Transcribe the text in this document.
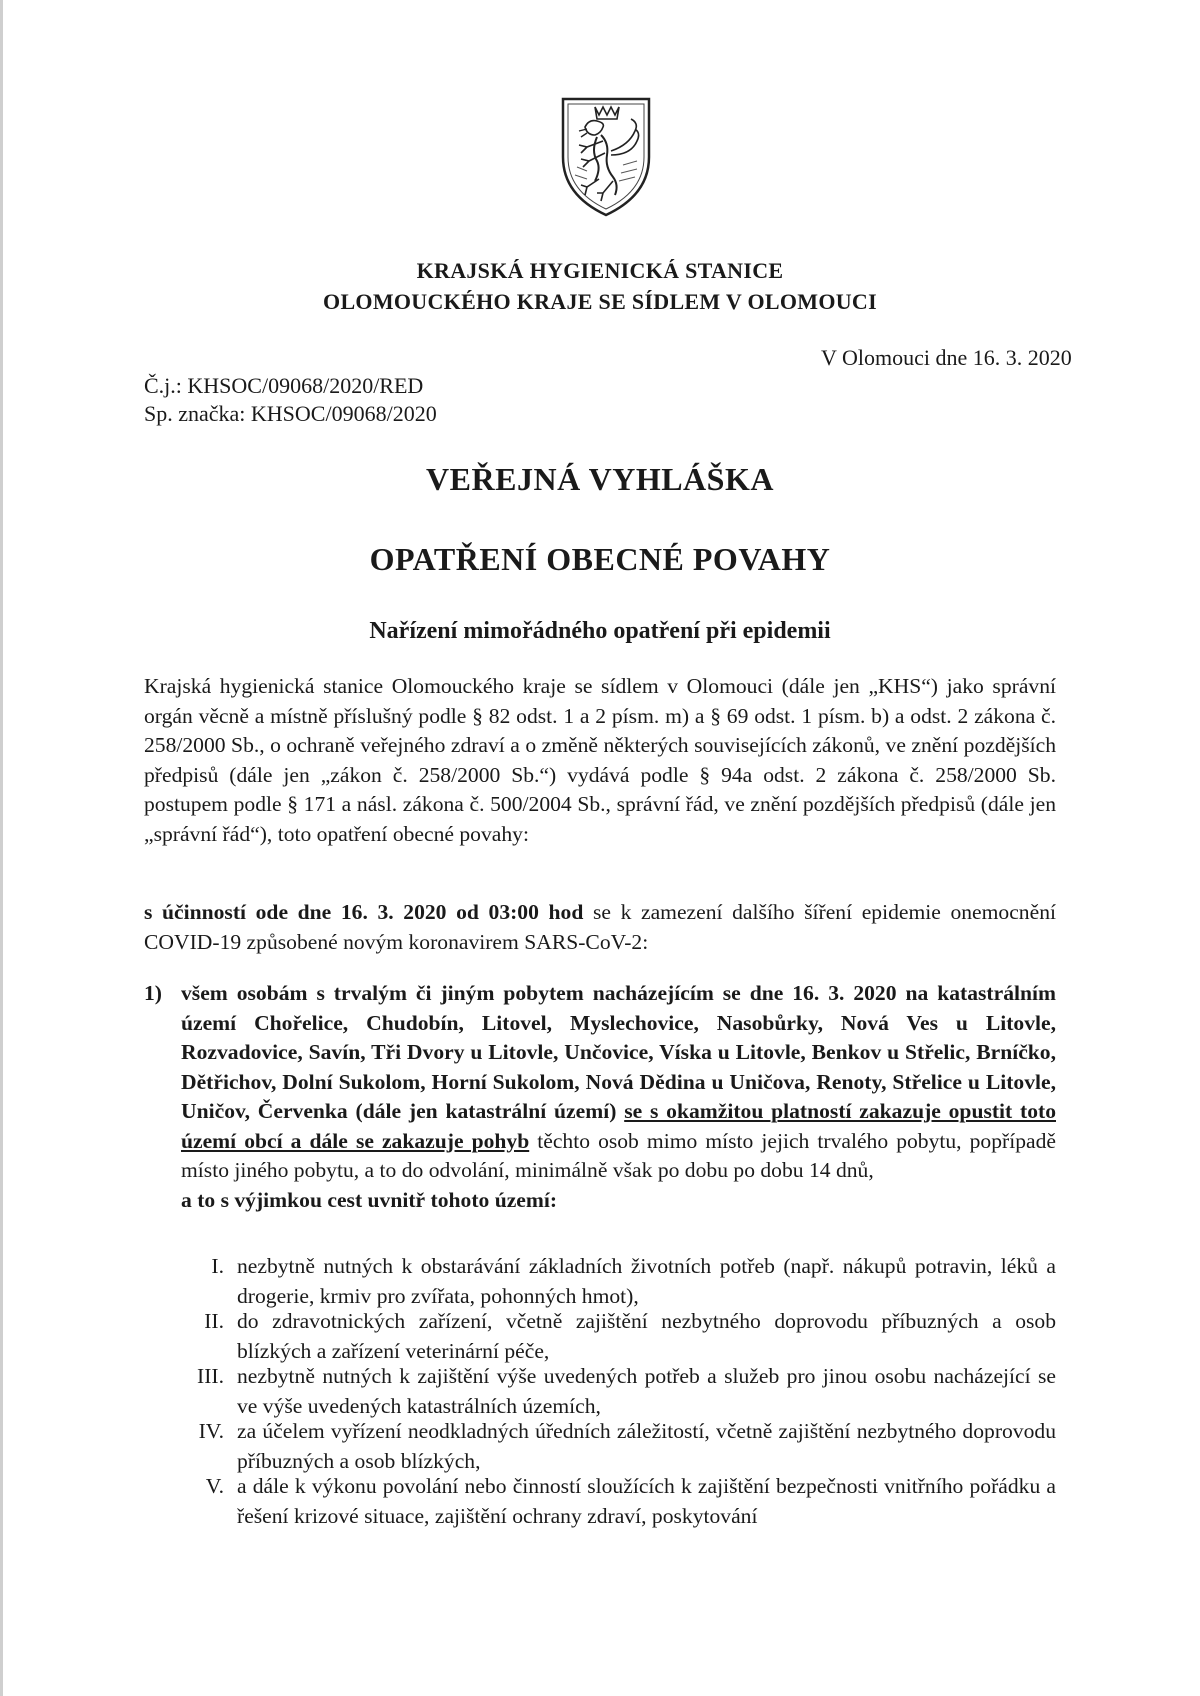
KRAJSKÁ HYGIENICKÁ STANICE
OLOMOUCKÉHO KRAJE SE SÍDLEM V OLOMOUCI
V Olomouci dne 16. 3. 2020
Č.j.: KHSOC/09068/2020/RED
Sp. značka: KHSOC/09068/2020
VEŘEJNÁ VYHLÁŠKA
OPATŘENÍ OBECNÉ POVAHY
Nařízení mimořádného opatření při epidemii
Krajská hygienická stanice Olomouckého kraje se sídlem v Olomouci (dále jen „KHS“) jako správní orgán věcně a místně příslušný podle § 82 odst. 1 a 2 písm. m) a § 69 odst. 1 písm. b) a odst. 2 zákona č. 258/2000 Sb., o ochraně veřejného zdraví a o změně některých souvisejících zákonů, ve znění pozdějších předpisů (dále jen „zákon č. 258/2000 Sb.“) vydává podle § 94a odst. 2 zákona č. 258/2000 Sb. postupem podle § 171 a násl. zákona č. 500/2004 Sb., správní řád, ve znění pozdějších předpisů (dále jen „správní řád“), toto opatření obecné povahy:
s účinností ode dne 16. 3. 2020 od 03:00 hod se k zamezení dalšího šíření epidemie onemocnění COVID-19 způsobené novým koronavirem SARS-CoV-2:
1) všem osobám s trvalým či jiným pobytem nacházejícím se dne 16. 3. 2020 na katastrálním území Chořelice, Chudobín, Litovel, Myslechovice, Nasobůrky, Nová Ves u Litovle, Rozvadovice, Savín, Tři Dvory u Litovle, Unčovice, Víska u Litovle, Benkov u Střelic, Brníčko, Dětřichov, Dolní Sukolom, Horní Sukolom, Nová Dědina u Uničova, Renoty, Střelice u Litovle, Uničov, Červenka (dále jen katastrální území) se s okamžitou platností zakazuje opustit toto území obcí a dále se zakazuje pohyb těchto osob mimo místo jejich trvalého pobytu, popřípadě místo jiného pobytu, a to do odvolání, minimálně však po dobu po dobu 14 dnů,
a to s výjimkou cest uvnitř tohoto území:
I. nezbytně nutných k obstarávání základních životních potřeb (např. nákupů potravin, léků a drogerie, krmiv pro zvířata, pohonných hmot),
II. do zdravotnických zařízení, včetně zajištění nezbytného doprovodu příbuzných a osob blízkých a zařízení veterinární péče,
III. nezbytně nutných k zajištění výše uvedených potřeb a služeb pro jinou osobu nacházející se ve výše uvedených katastrálních územích,
IV. za účelem vyřízení neodkladných úředních záležitostí, včetně zajištění nezbytného doprovodu příbuzných a osob blízkých,
V. a dále k výkonu povolání nebo činností sloužících k zajištění bezpečnosti vnitřního pořádku a řešení krizové situace, zajištění ochrany zdraví, poskytování
